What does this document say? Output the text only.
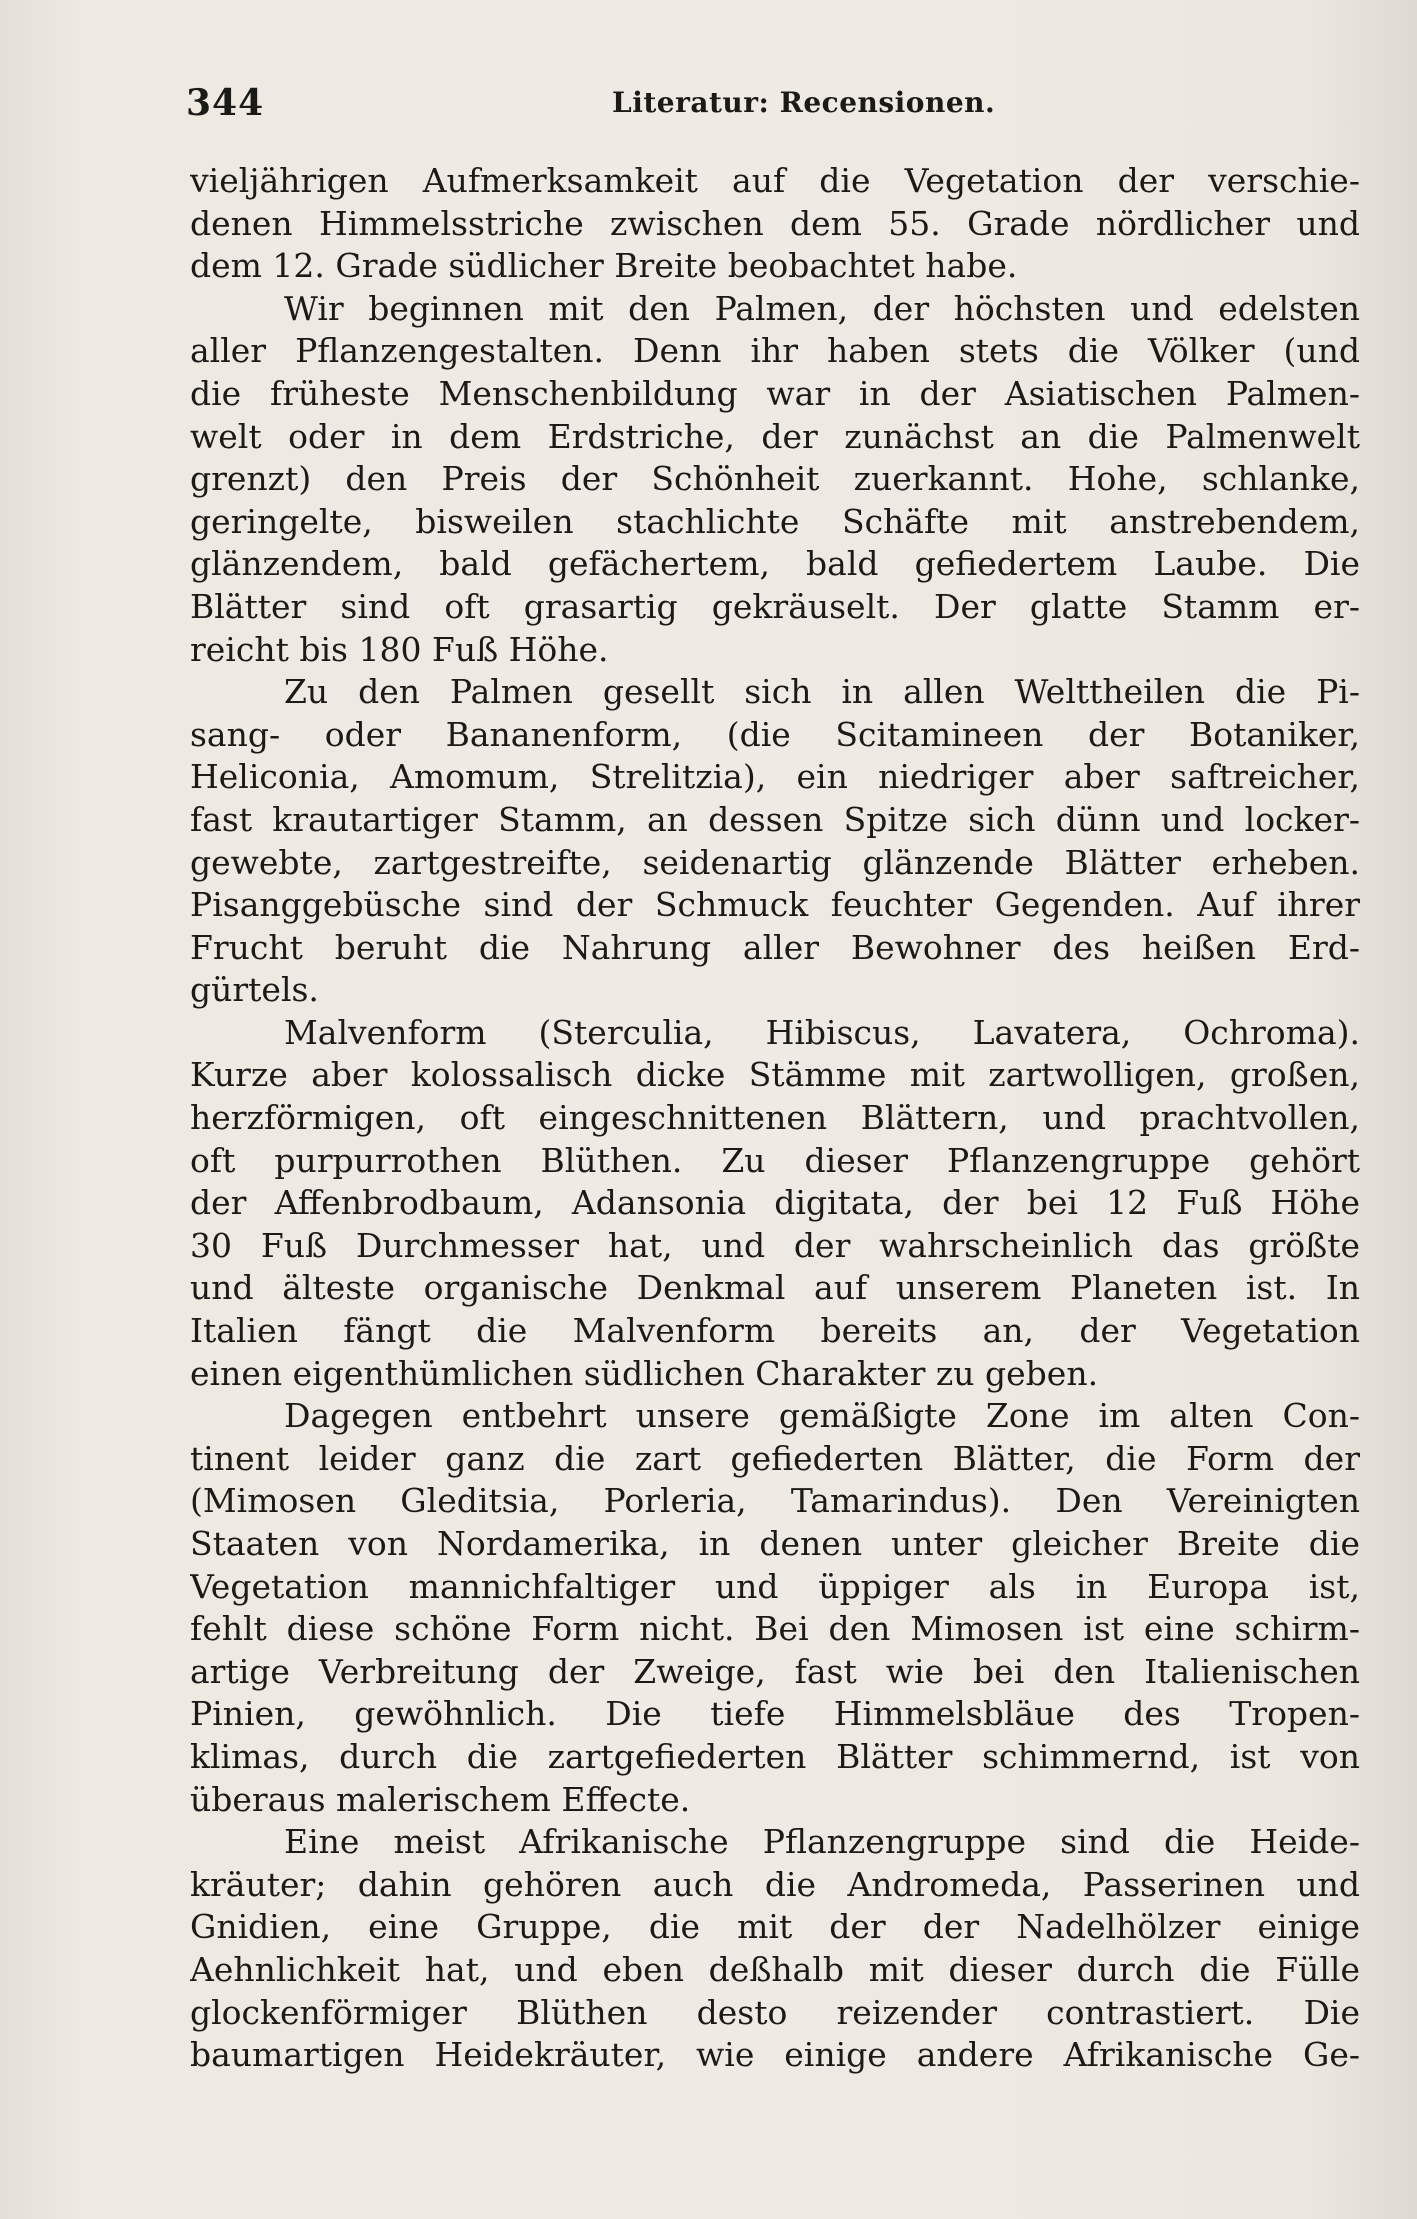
344	Literatur: Recensionen.
vieljährigen Aufmerksamkeit auf die Vegetation der verschie-
denen Himmelsstriche zwischen dem 55. Grade nördlicher und
dem 12. Grade südlicher Breite beobachtet habe.
Wir beginnen mit den Palmen, der höchsten und edelsten
aller Pflanzengestalten. Denn ihr haben stets die Völker (und
die früheste Menschenbildung war in der Asiatischen Palmen-
welt oder in dem Erdstriche, der zunächst an die Palmenwelt
grenzt) den Preis der Schönheit zuerkannt. Hohe, schlanke,
geringelte, bisweilen stachlichte Schäfte mit anstrebendem,
glänzendem, bald gefächertem, bald gefiedertem Laube. Die
Blätter sind oft grasartig gekräuselt. Der glatte Stamm er-
reicht bis 180 Fuß Höhe.
Zu den Palmen gesellt sich in allen Welttheilen die Pi-
sang- oder Bananenform, (die Scitamineen der Botaniker,
Heliconia, Amomum, Strelitzia), ein niedriger aber saftreicher,
fast krautartiger Stamm, an dessen Spitze sich dünn und locker-
gewebte, zartgestreifte, seidenartig glänzende Blätter erheben.
Pisanggebüsche sind der Schmuck feuchter Gegenden. Auf ihrer
Frucht beruht die Nahrung aller Bewohner des heißen Erd-
gürtels.
Malvenform (Sterculia, Hibiscus, Lavatera, Ochroma).
Kurze aber kolossalisch dicke Stämme mit zartwolligen, großen,
herzförmigen, oft eingeschnittenen Blättern, und prachtvollen,
oft purpurrothen Blüthen. Zu dieser Pflanzengruppe gehört
der Affenbrodbaum, Adansonia digitata, der bei 12 Fuß Höhe
30 Fuß Durchmesser hat, und der wahrscheinlich das größte
und älteste organische Denkmal auf unserem Planeten ist. In
Italien fängt die Malvenform bereits an, der Vegetation
einen eigenthümlichen südlichen Charakter zu geben.
Dagegen entbehrt unsere gemäßigte Zone im alten Con-
tinent leider ganz die zart gefiederten Blätter, die Form der
(Mimosen Gleditsia, Porleria, Tamarindus). Den Vereinigten
Staaten von Nordamerika, in denen unter gleicher Breite die
Vegetation mannichfaltiger und üppiger als in Europa ist,
fehlt diese schöne Form nicht. Bei den Mimosen ist eine schirm-
artige Verbreitung der Zweige, fast wie bei den Italienischen
Pinien, gewöhnlich. Die tiefe Himmelsbläue des Tropen-
klimas, durch die zartgefiederten Blätter schimmernd, ist von
überaus malerischem Effecte.
Eine meist Afrikanische Pflanzengruppe sind die Heide-
kräuter; dahin gehören auch die Andromeda, Passerinen und
Gnidien, eine Gruppe, die mit der der Nadelhölzer einige
Aehnlichkeit hat, und eben deßhalb mit dieser durch die Fülle
glockenförmiger Blüthen desto reizender contrastiert. Die
baumartigen Heidekräuter, wie einige andere Afrikanische Ge-
